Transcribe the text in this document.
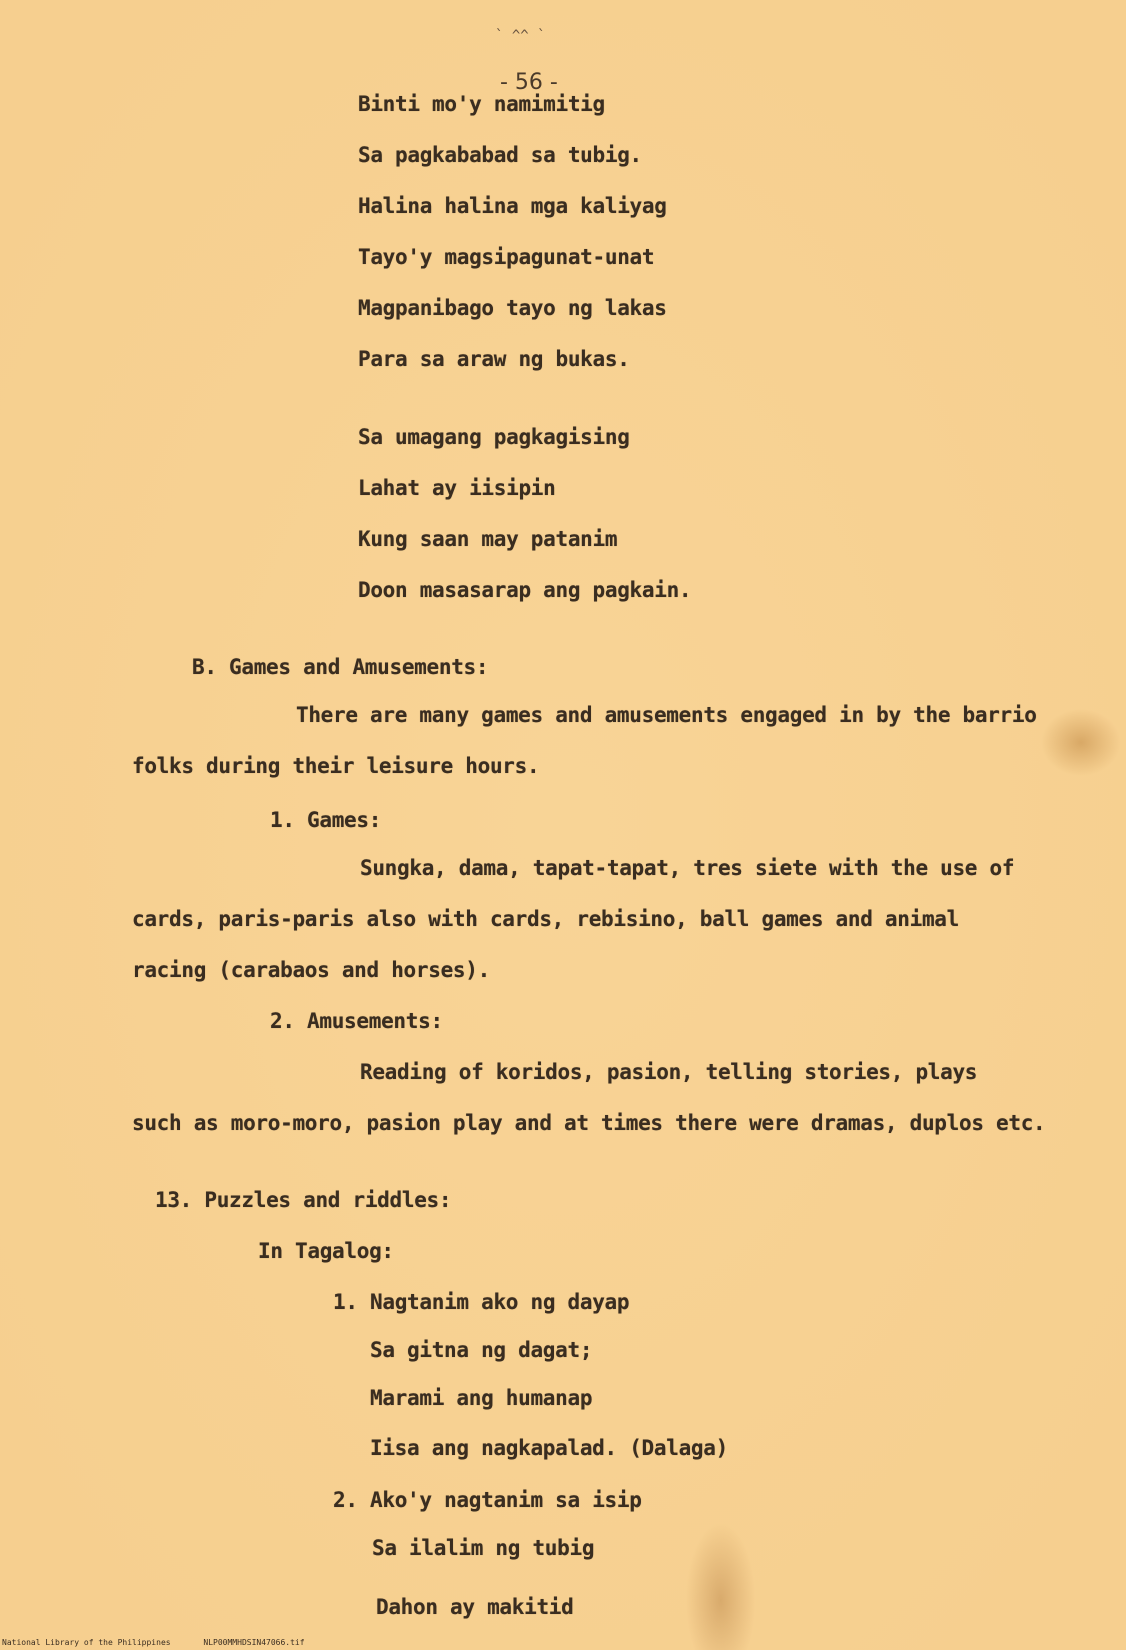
` ^^ `
- 56 -
Binti mo'y namimitig
Sa pagkababad sa tubig.
Halina halina mga kaliyag
Tayo'y magsipagunat-unat
Magpanibago tayo ng lakas
Para sa araw ng bukas.
Sa umagang pagkagising
Lahat ay iisipin
Kung saan may patanim
Doon masasarap ang pagkain.
B. Games and Amusements:
There are many games and amusements engaged in by the barrio
folks during their leisure hours.
1. Games:
Sungka, dama, tapat-tapat, tres siete with the use of
cards, paris-paris also with cards, rebisino, ball games and animal
racing (carabaos and horses).
2. Amusements:
Reading of koridos, pasion, telling stories, plays
such as moro-moro, pasion play and at times there were dramas, duplos etc.
13. Puzzles and riddles:
In Tagalog:
1. Nagtanim ako ng dayap
Sa gitna ng dagat;
Marami ang humanap
Iisa ang nagkapalad. (Dalaga)
2. Ako'y nagtanim sa isip
Sa ilalim ng tubig
Dahon ay makitid
National Library of the Philippines	NLP00MMHDSIN47066.tif
